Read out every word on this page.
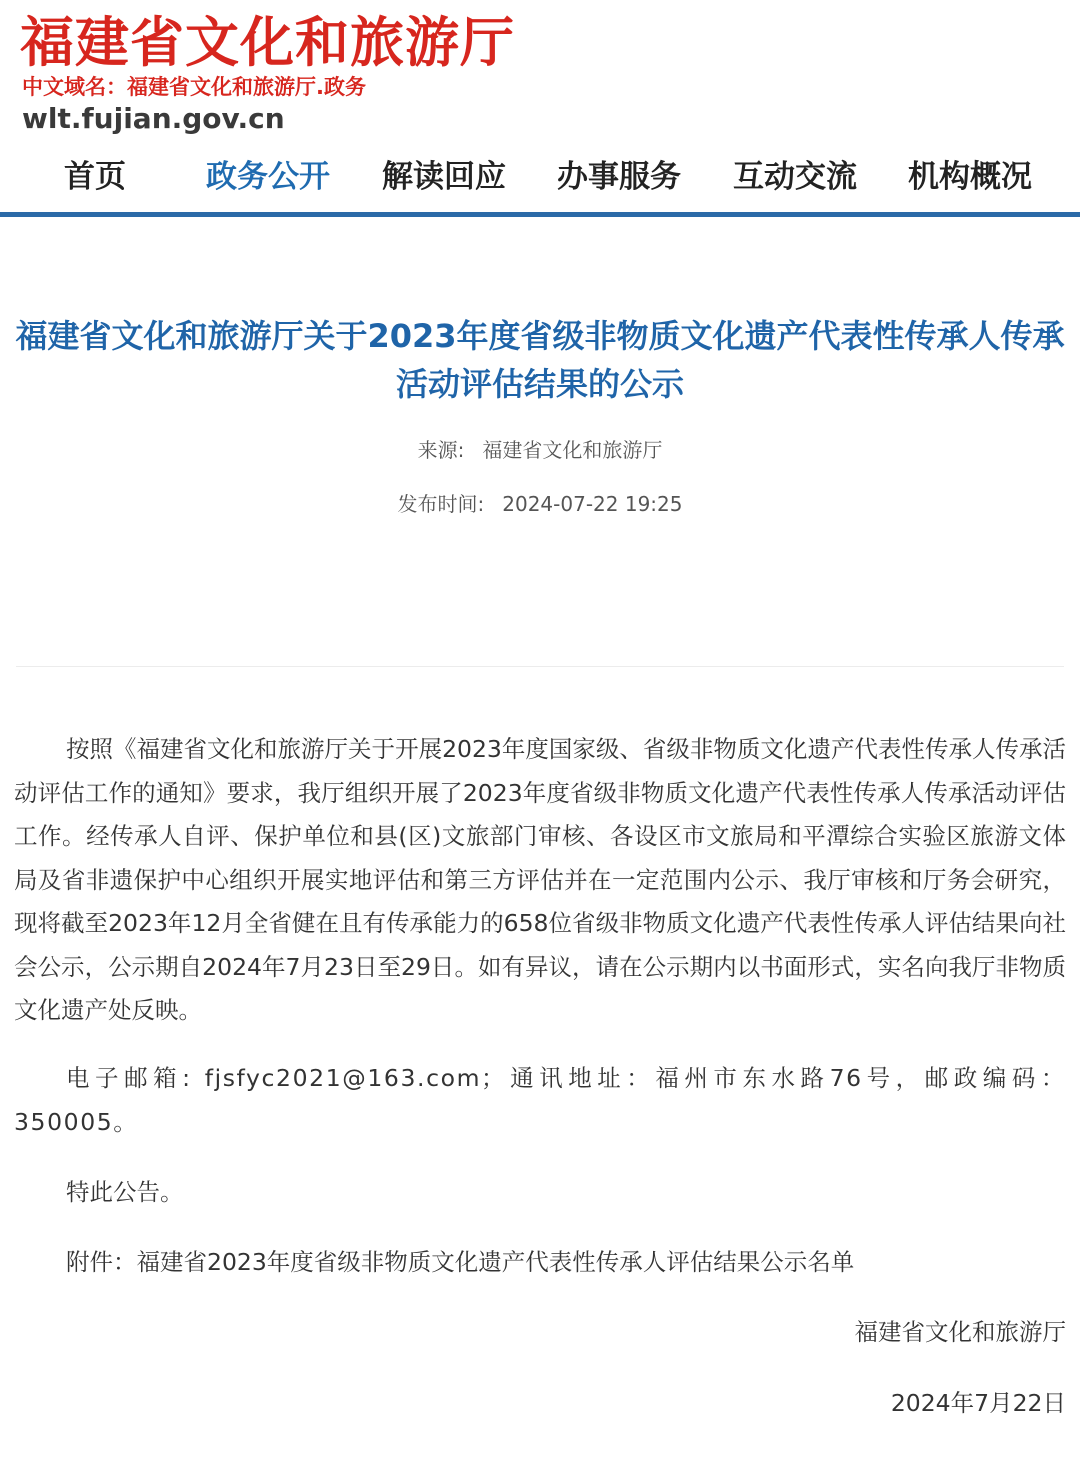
福建省文化和旅游厅
中文域名：福建省文化和旅游厅.政务
wlt.fujian.gov.cn
首页	政务公开 解读回应 办事服务 互动交流 机构概况
福建省文化和旅游厅关于2023年度省级非物质文化遗产代表性传承人传承活动评估结果的公示
来源: 福建省文化和旅游厅
发布时间: 2024-07-22 19:25

按照《福建省文化和旅游厅关于开展2023年度国家级、省级非物质文化遗产代表性传承人传承活动评估工作的通知》要求，我厅组织开展了2023年度省级非物质文化遗产代表性传承人传承活动评估工作。经传承人自评、保护单位和县(区)文旅部门审核、各设区市文旅局和平潭综合实验区旅游文体局及省非遗保护中心组织开展实地评估和第三方评估并在一定范围内公示、我厅审核和厅务会研究，现将截至2023年12月全省健在且有传承能力的658位省级非物质文化遗产代表性传承人评估结果向社会公示，公示期自2024年7月23日至29日。如有异议，请在公示期内以书面形式，实名向我厅非物质文化遗产处反映。

电子邮箱: fjsfyc2021@163.com；通讯地址：福州市东水路76号，邮政编码：350005。

特此公告。

附件：福建省2023年度省级非物质文化遗产代表性传承人评估结果公示名单

福建省文化和旅游厅
2024年7月22日
